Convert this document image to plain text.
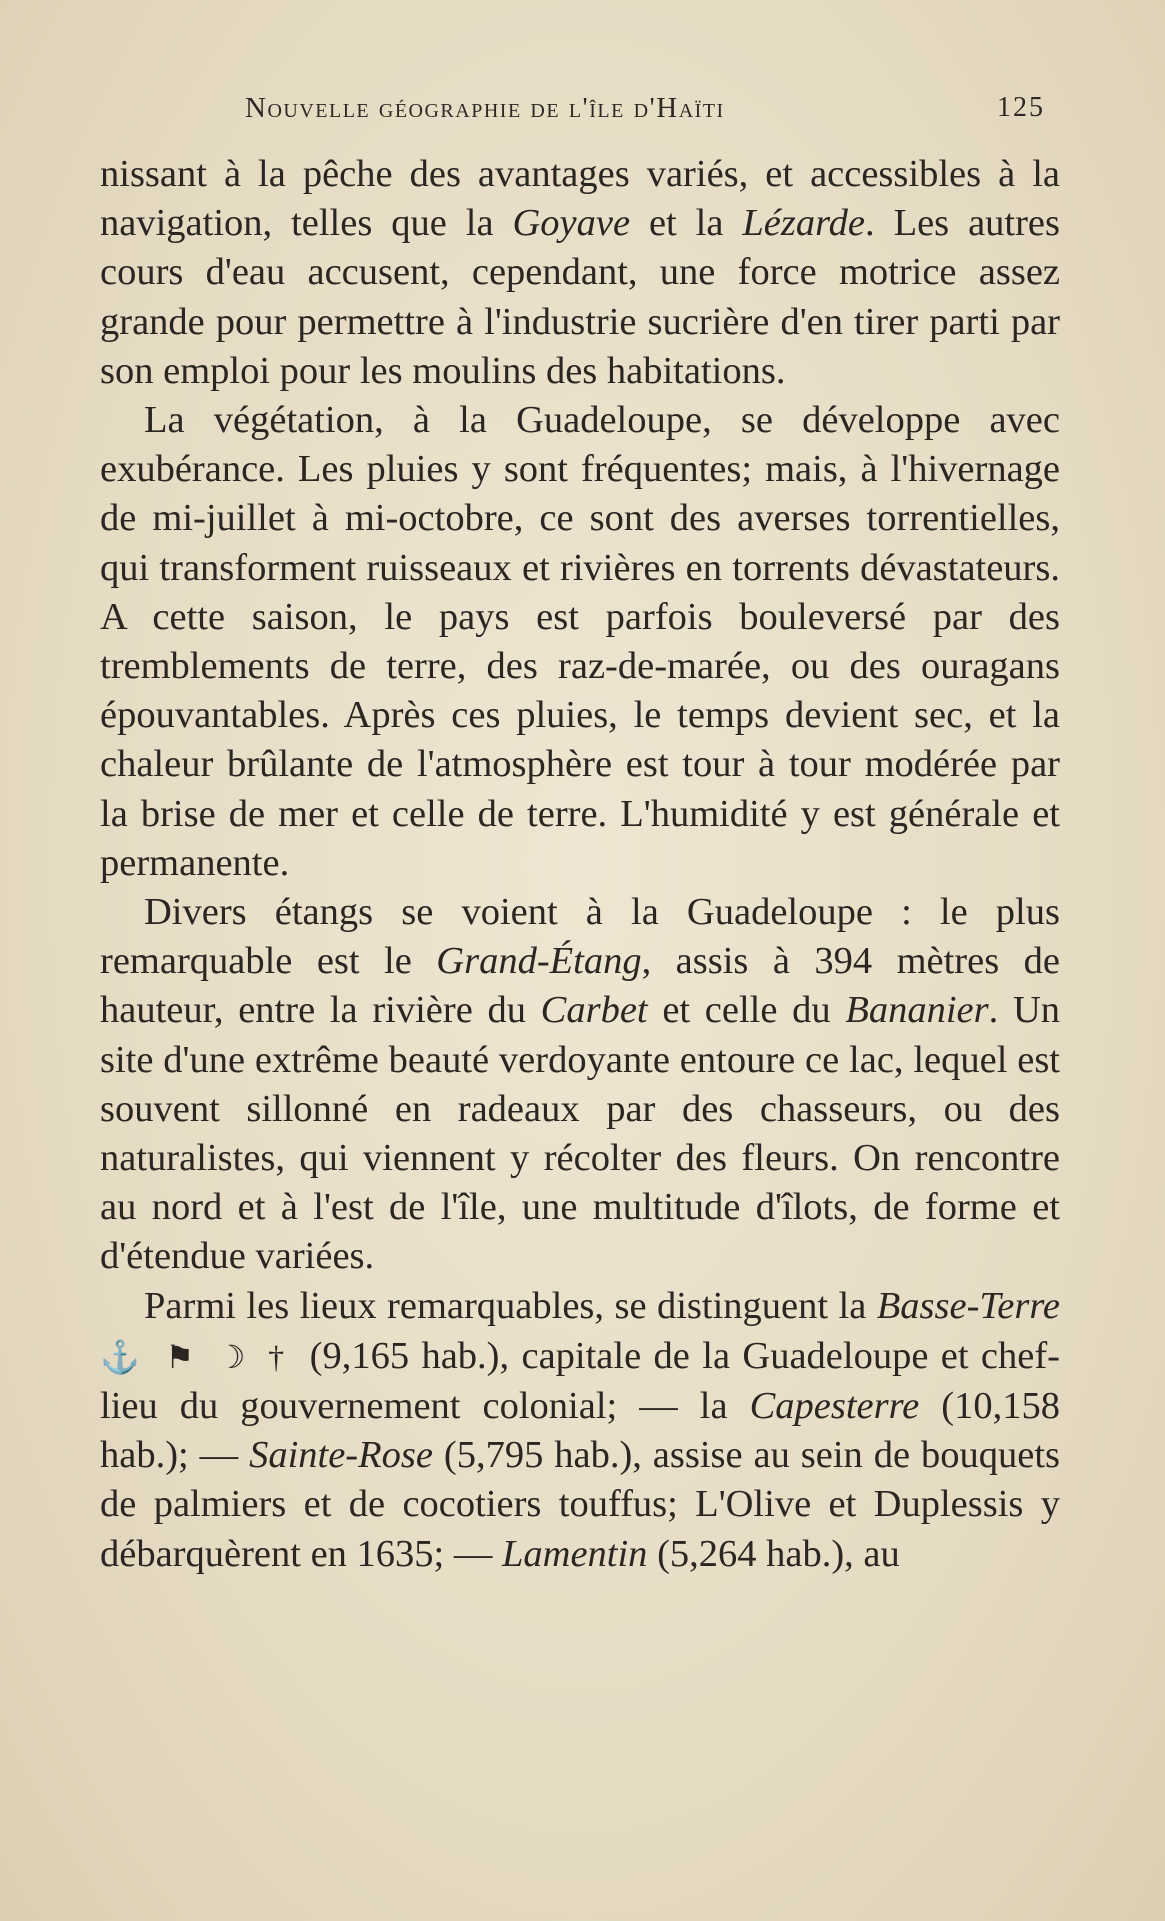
Nouvelle géographie de l'île d'Haïti	125

nissant à la pêche des avantages variés, et accessibles à la navigation, telles que la Goyave et la Lézarde. Les autres cours d'eau accusent, cependant, une force motrice assez grande pour permettre à l'industrie sucrière d'en tirer parti par son emploi pour les moulins des habitations.

La végétation, à la Guadeloupe, se développe avec exubérance. Les pluies y sont fréquentes; mais, à l'hivernage de mi-juillet à mi-octobre, ce sont des averses torrentielles, qui transforment ruisseaux et rivières en torrents dévastateurs. A cette saison, le pays est parfois bouleversé par des tremblements de terre, des raz-de-marée, ou des ouragans épouvantables. Après ces pluies, le temps devient sec, et la chaleur brûlante de l'atmosphère est tour à tour modérée par la brise de mer et celle de terre. L'humidité y est générale et permanente.

Divers étangs se voient à la Guadeloupe : le plus remarquable est le Grand-Étang, assis à 394 mètres de hauteur, entre la rivière du Carbet et celle du Bananier. Un site d'une extrême beauté verdoyante entoure ce lac, lequel est souvent sillonné en radeaux par des chasseurs, ou des naturalistes, qui viennent y récolter des fleurs. On rencontre au nord et à l'est de l'île, une multitude d'îlots, de forme et d'étendue variées.

Parmi les lieux remarquables, se distinguent la Basse-Terre ⚓ ⚑ ☽ † (9,165 hab.), capitale de la Guadeloupe et chef-lieu du gouvernement colonial; — la Capesterre (10,158 hab.); — Sainte-Rose (5,795 hab.), assise au sein de bouquets de palmiers et de cocotiers touffus; L'Olive et Duplessis y débarquèrent en 1635; — Lamentin (5,264 hab.), au
